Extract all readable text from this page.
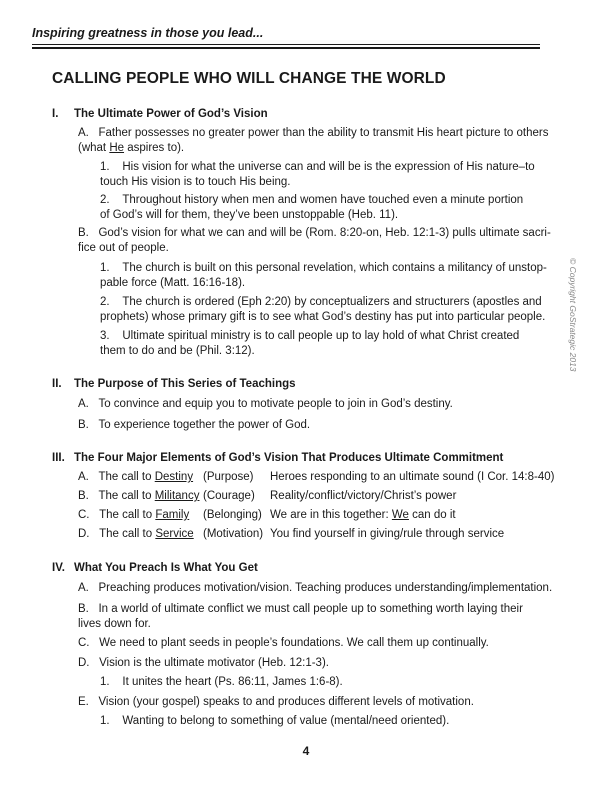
Inspiring greatness in those you lead...
CALLING PEOPLE WHO WILL CHANGE THE WORLD
I. The Ultimate Power of God’s Vision
A. Father possesses no greater power than the ability to transmit His heart picture to others
(what He aspires to).
1. His vision for what the universe can and will be is the expression of His nature–to
touch His vision is to touch His being.
2. Throughout history when men and women have touched even a minute portion
of God’s will for them, they’ve been unstoppable (Heb. 11).
B. God’s vision for what we can and will be (Rom. 8:20-on, Heb. 12:1-3) pulls ultimate sacri-
fice out of people.
1. The church is built on this personal revelation, which contains a militancy of unstop-
pable force (Matt. 16:16-18).
2. The church is ordered (Eph 2:20) by conceptualizers and structurers (apostles and
prophets) whose primary gift is to see what God’s destiny has put into particular people.
3. Ultimate spiritual ministry is to call people up to lay hold of what Christ created
them to do and be (Phil. 3:12).
II. The Purpose of This Series of Teachings
A. To convince and equip you to motivate people to join in God’s destiny.
B. To experience together the power of God.
III. The Four Major Elements of God’s Vision That Produces Ultimate Commitment
A. The call to Destiny (Purpose) Heroes responding to an ultimate sound (I Cor. 14:8-40)
B. The call to Militancy (Courage) Reality/conflict/victory/Christ’s power
C. The call to Family (Belonging) We are in this together: We can do it
D. The call to Service (Motivation) You find yourself in giving/rule through service
IV. What You Preach Is What You Get
A. Preaching produces motivation/vision. Teaching produces understanding/implementation.
B. In a world of ultimate conflict we must call people up to something worth laying their
lives down for.
C. We need to plant seeds in people’s foundations. We call them up continually.
D. Vision is the ultimate motivator (Heb. 12:1-3).
1. It unites the heart (Ps. 86:11, James 1:6-8).
E. Vision (your gospel) speaks to and produces different levels of motivation.
1. Wanting to belong to something of value (mental/need oriented).
© Copyright GoStrategic 2013
4
